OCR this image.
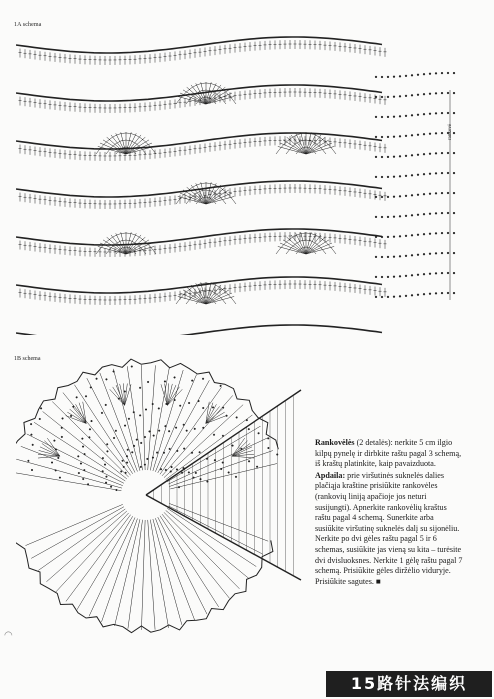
1A schema
rankovė
1B schema

Rankovėlės (2 detalės): nerkite 5 cm ilgio kilpų pynelę ir dirbkite raštu pagal 3 schemą, iš kraštų platinkite, kaip pavaizduota.

Apdaila: prie viršutinės suknelės dalies plačiąja kraštine prisiūkite rankovėles (rankovių liniją apačioje jos neturi susijungti). Apnerkite rankovėlių kraštus raštu pagal 4 schemą. Sunerkite arba susiūkite viršutinę suknelės dalį su sijonėliu. Nerkite po dvi gėles raštu pagal 5 ir 6 schemas, susiūkite jas vieną su kita – turėsite dvi dvisluoksnes. Nerkite 1 gėlę raštu pagal 7 schemą. Prisiūkite gėles diržėlio viduryje. Prisiūkite sagutes. ■

◠
15路针法编织
